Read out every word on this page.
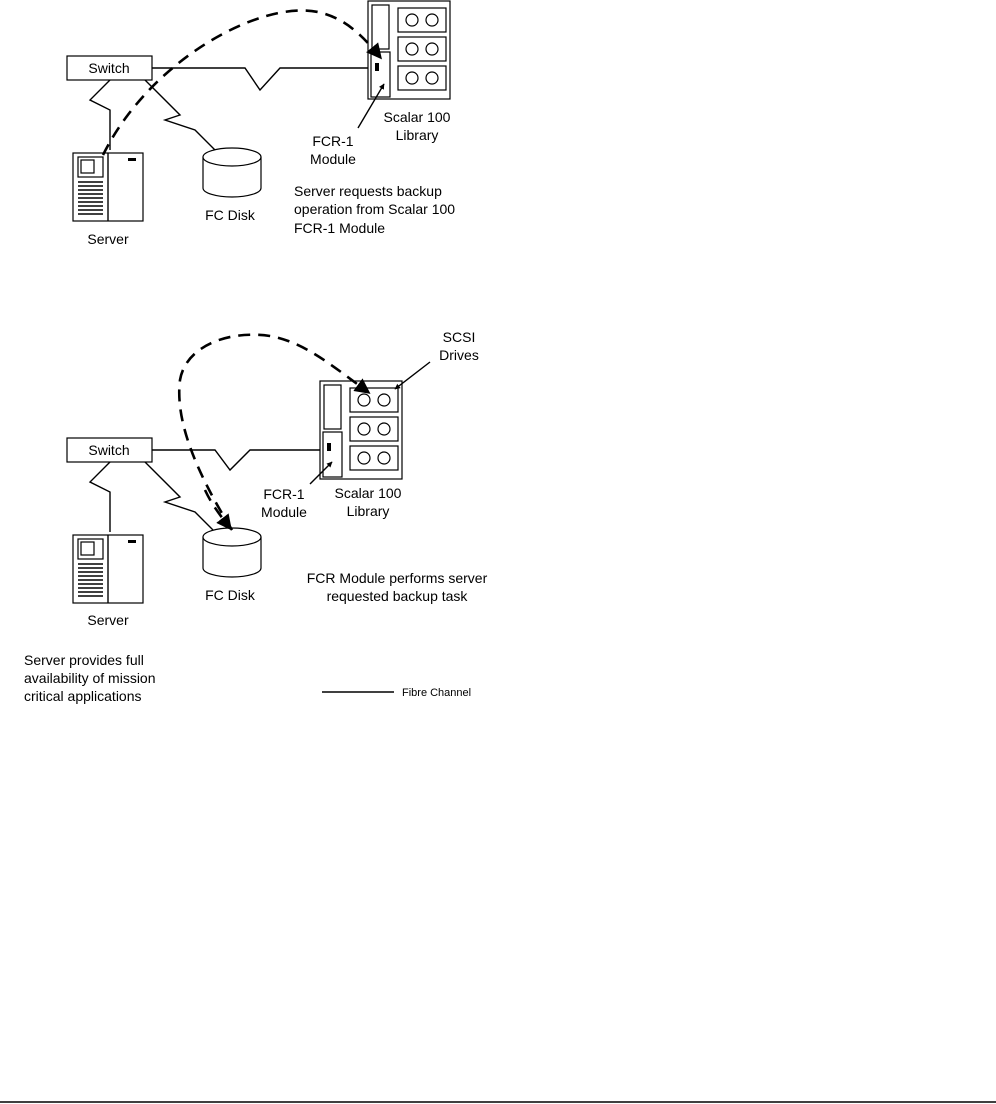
Switch
Scalar 100
Library
FCR-1
Module
Server
FC Disk
Server requests backup
operation from Scalar 100
FCR-1 Module
Switch
Scalar 100
Library
SCSI
Drives
FCR-1
Module
Server
FC Disk
FCR Module performs server
requested backup task
Server provides full
availability of mission
critical applications	Fibre Channel
